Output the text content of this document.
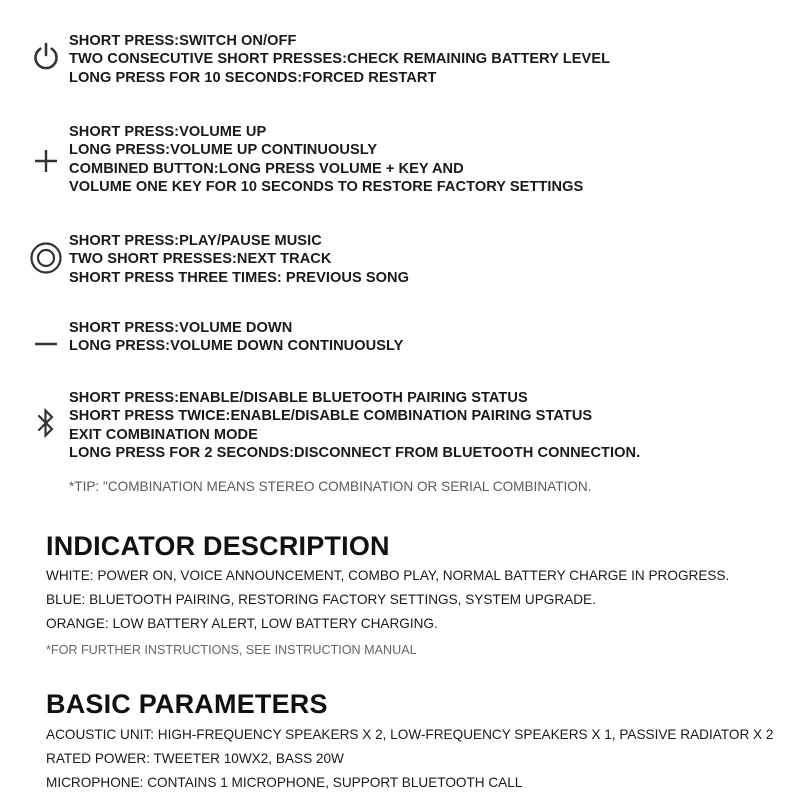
SHORT PRESS:SWITCH ON/OFF
TWO CONSECUTIVE SHORT PRESSES:CHECK REMAINING BATTERY LEVEL
LONG PRESS FOR 10 SECONDS:FORCED RESTART
SHORT PRESS:VOLUME UP
LONG PRESS:VOLUME UP CONTINUOUSLY
COMBINED BUTTON:LONG PRESS VOLUME + KEY AND
VOLUME ONE KEY FOR 10 SECONDS TO RESTORE FACTORY SETTINGS
SHORT PRESS:PLAY/PAUSE MUSIC
TWO SHORT PRESSES:NEXT TRACK
SHORT PRESS THREE TIMES: PREVIOUS SONG
SHORT PRESS:VOLUME DOWN
LONG PRESS:VOLUME DOWN CONTINUOUSLY
SHORT PRESS:ENABLE/DISABLE BLUETOOTH PAIRING STATUS
SHORT PRESS TWICE:ENABLE/DISABLE COMBINATION PAIRING STATUS
EXIT COMBINATION MODE
LONG PRESS FOR 2 SECONDS:DISCONNECT FROM BLUETOOTH CONNECTION.
*TIP: "COMBINATION MEANS STEREO COMBINATION OR SERIAL COMBINATION.
INDICATOR DESCRIPTION
WHITE: POWER ON, VOICE ANNOUNCEMENT, COMBO PLAY, NORMAL BATTERY CHARGE IN PROGRESS.
BLUE: BLUETOOTH PAIRING, RESTORING FACTORY SETTINGS, SYSTEM UPGRADE.
ORANGE: LOW BATTERY ALERT, LOW BATTERY CHARGING.
*FOR FURTHER INSTRUCTIONS, SEE INSTRUCTION MANUAL
BASIC PARAMETERS
ACOUSTIC UNIT: HIGH-FREQUENCY SPEAKERS X 2, LOW-FREQUENCY SPEAKERS X 1, PASSIVE RADIATOR X 2
RATED POWER: TWEETER 10WX2, BASS 20W
MICROPHONE: CONTAINS 1 MICROPHONE, SUPPORT BLUETOOTH CALL
